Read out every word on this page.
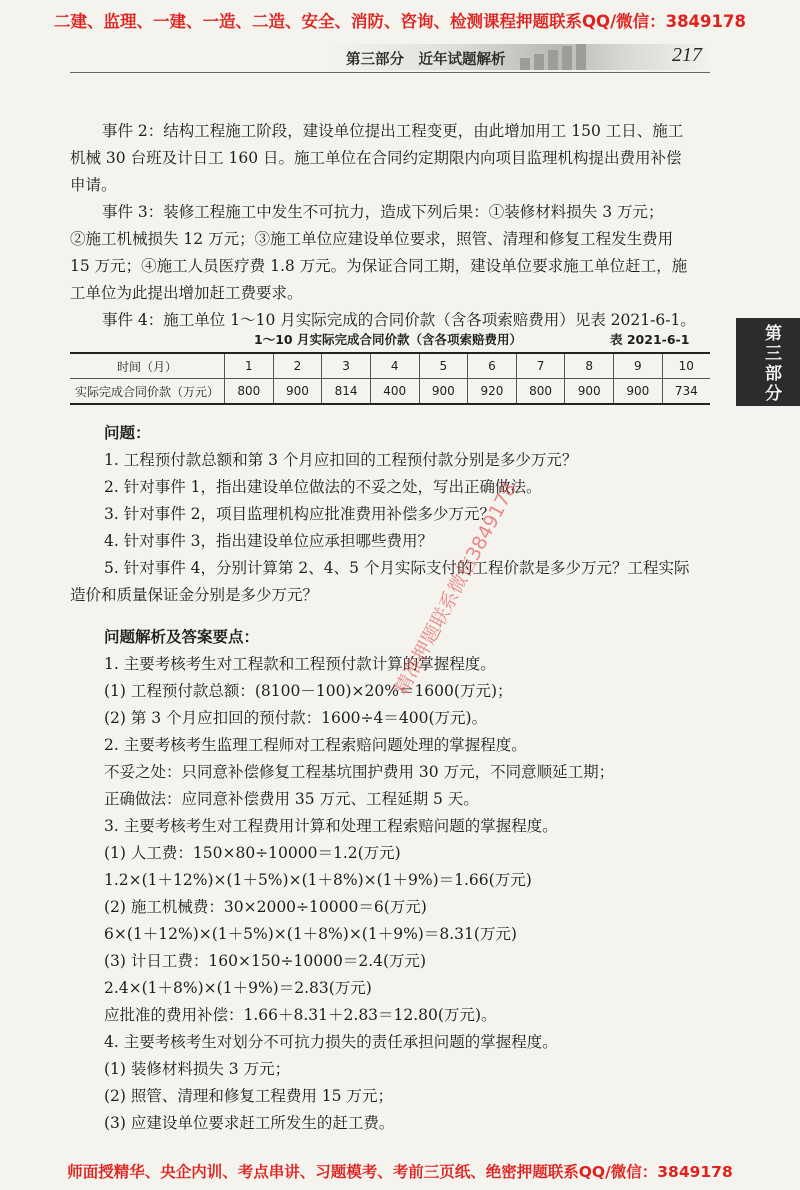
二建、监理、一建、一造、二造、安全、消防、咨询、检测课程押题联系QQ/微信：3849178
第三部分　近年试题解析	217
第三部分

事件 2：结构工程施工阶段，建设单位提出工程变更，由此增加用工 150 工日、施工

机械 30 台班及计日工 160 日。施工单位在合同约定期限内向项目监理机构提出费用补偿

申请。

事件 3：装修工程施工中发生不可抗力，造成下列后果：①装修材料损失 3 万元；

②施工机械损失 12 万元；③施工单位应建设单位要求，照管、清理和修复工程发生费用

15 万元；④施工人员医疗费 1.8 万元。为保证合同工期，建设单位要求施工单位赶工，施

工单位为此提出增加赶工费要求。

事件 4：施工单位 1～10 月实际完成的合同价款（含各项索赔费用）见表 2021-6-1。

1～10 月实际完成合同价款（含各项索赔费用）	表 2021-6-1
时间（月）	1	2	3	4	5	6	7	8	9	10
实际完成合同价款（万元）	800	900	814	400	900	920	800	900	900	734

问题：

1. 工程预付款总额和第 3 个月应扣回的工程预付款分别是多少万元？

2. 针对事件 1，指出建设单位做法的不妥之处，写出正确做法。

3. 针对事件 2，项目监理机构应批准费用补偿多少万元？

4. 针对事件 3，指出建设单位应承担哪些费用？

5. 针对事件 4，分别计算第 2、4、5 个月实际支付的工程价款是多少万元？工程实际

造价和质量保证金分别是多少万元？

问题解析及答案要点：

1. 主要考核考生对工程款和工程预付款计算的掌握程度。

(1) 工程预付款总额：(8100－100)×20%＝1600(万元)；

(2) 第 3 个月应扣回的预付款：1600÷4＝400(万元)。

2. 主要考核考生监理工程师对工程索赔问题处理的掌握程度。

不妥之处：只同意补偿修复工程基坑围护费用 30 万元，不同意顺延工期；

正确做法：应同意补偿费用 35 万元、工程延期 5 天。

3. 主要考核考生对工程费用计算和处理工程索赔问题的掌握程度。

(1) 人工费：150×80÷10000＝1.2(万元)

1.2×(1＋12%)×(1＋5%)×(1＋8%)×(1＋9%)＝1.66(万元)

(2) 施工机械费：30×2000÷10000＝6(万元)

6×(1＋12%)×(1＋5%)×(1＋8%)×(1＋9%)＝8.31(万元)

(3) 计日工费：160×150÷10000＝2.4(万元)

2.4×(1＋8%)×(1＋9%)＝2.83(万元)

应批准的费用补偿：1.66＋8.31＋2.83＝12.80(万元)。

4. 主要考核考生对划分不可抗力损失的责任承担问题的掌握程度。

(1) 装修材料损失 3 万元；

(2) 照管、清理和修复工程费用 15 万元；

(3) 应建设单位要求赶工所发生的赶工费。

精准押题联系微信3849178
师面授精华、央企内训、考点串讲、习题模考、考前三页纸、绝密押题联系QQ/微信：3849178
